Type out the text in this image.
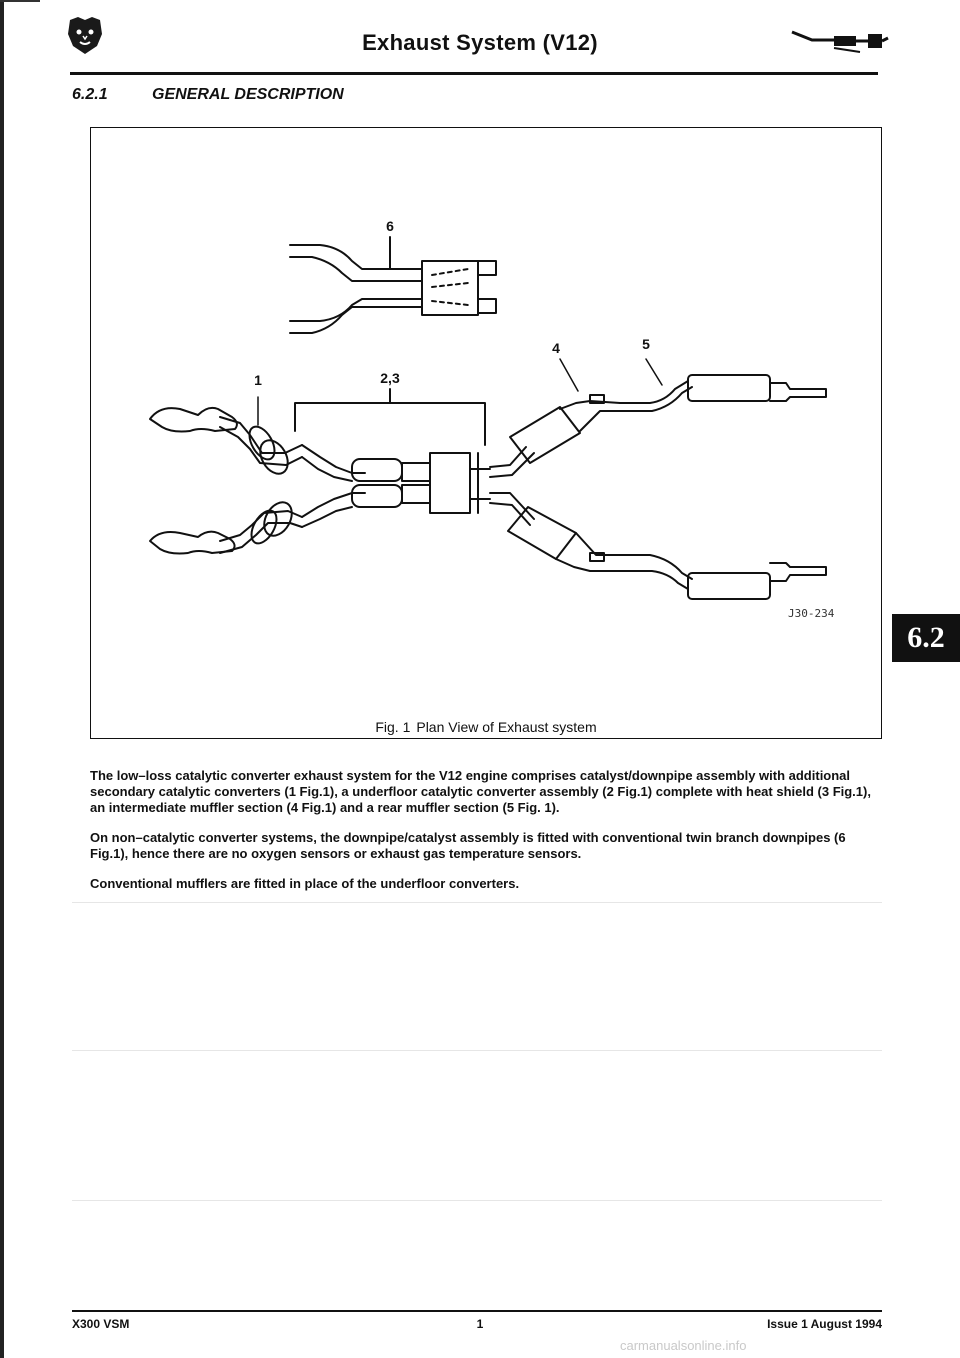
Exhaust System (V12)
6.2.1	GENERAL DESCRIPTION
6
1	2,3
4	5
J30-234
Fig. 1 Plan View of Exhaust system
6.2

The low–loss catalytic converter exhaust system for the V12 engine comprises catalyst/downpipe assembly with additional secondary catalytic converters (1 Fig.1), a underfloor catalytic converter assembly (2 Fig.1) complete with heat shield (3 Fig.1), an intermediate muffler section (4 Fig.1) and a rear muffler section (5 Fig. 1).

On non–catalytic converter systems, the downpipe/catalyst assembly is fitted with conventional twin branch downpipes (6 Fig.1), hence there are no oxygen sensors or exhaust gas temperature sensors.

Conventional mufflers are fitted in place of the underfloor converters.

X300 VSM	1	Issue 1 August 1994
carmanualsonline.info
